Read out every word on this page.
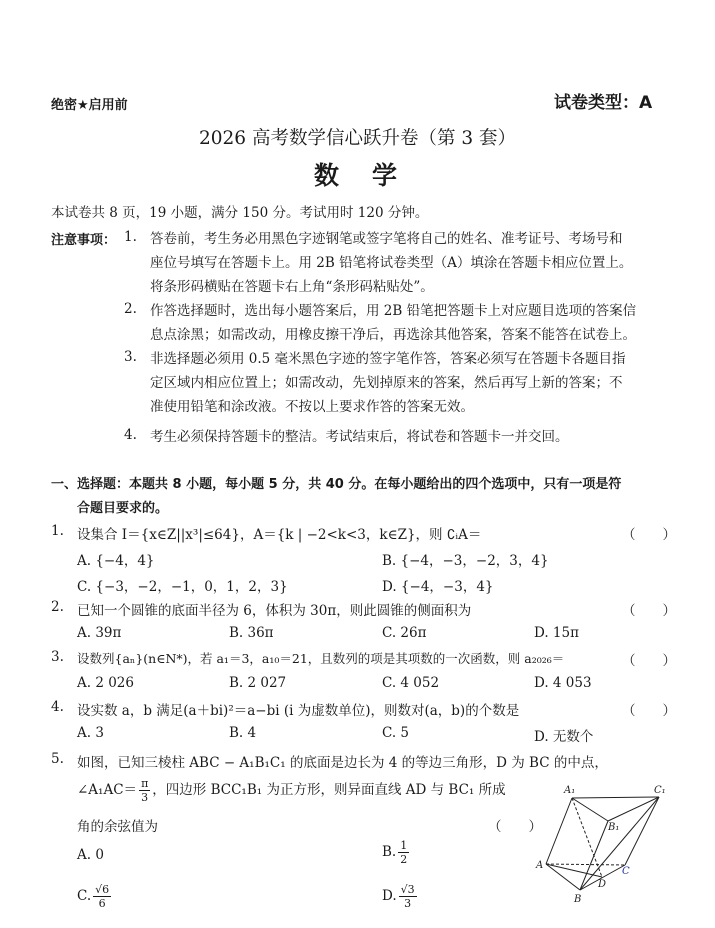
绝密★启用前	试卷类型：A
2026 高考数学信心跃升卷（第 3 套）
数　学
本试卷共 8 页，19 小题，满分 150 分。考试用时 120 分钟。
注意事项： 1. 答卷前，考生务必用黑色字迹钢笔或签字笔将自己的姓名、准考证号、考场号和
座位号填写在答题卡上。用 2B 铅笔将试卷类型（A）填涂在答题卡相应位置上。
将条形码横贴在答题卡右上角“条形码粘贴处”。
2. 作答选择题时，选出每小题答案后，用 2B 铅笔把答题卡上对应题目选项的答案信
息点涂黑；如需改动，用橡皮擦干净后，再选涂其他答案，答案不能答在试卷上。
3. 非选择题必须用 0.5 毫米黑色字迹的签字笔作答，答案必须写在答题卡各题目指
定区域内相应位置上；如需改动，先划掉原来的答案，然后再写上新的答案；不
准使用铅笔和涂改液。不按以上要求作答的答案无效。
4. 考生必须保持答题卡的整洁。考试结束后，将试卷和答题卡一并交回。
一、选择题：本题共 8 小题，每小题 5 分，共 40 分。在每小题给出的四个选项中，只有一项是符
合题目要求的。
1. 设集合 I＝{x∈Z||x³|≤64}，A＝{k | −2<k<3，k∈Z}，则 ∁ᵢA＝	（　　）
A. {−4，4}	B. {−4，−3，−2，3，4}
C. {−3，−2，−1，0，1，2，3}	D. {−4，−3，4}
2. 已知一个圆锥的底面半径为 6，体积为 30π，则此圆锥的侧面积为	（　　）
A. 39π	B. 36π	C. 26π	D. 15π
3. 设数列{aₙ}(n∈N*)，若 a₁＝3，a₁₀＝21，且数列的项是其项数的一次函数，则 a₂₀₂₆＝	（　　）
A. 2 026	B. 2 027	C. 4 052	D. 4 053
4. 设实数 a，b 满足(a＋bi)²＝a−bi (i 为虚数单位)，则数对(a，b)的个数是	（　　）
A. 3	B. 4	C. 5	D. 无数个
5. 如图，已知三棱柱 ABC − A₁B₁C₁ 的底面是边长为 4 的等边三角形，D 为 BC 的中点，
∠A₁AC＝ $\frac{\pi}{3}$ ，四边形 BCC₁B₁ 为正方形，则异面直线 AD 与 BC₁ 所成
角的余弦值为	（　　）
A. 0	B. $\frac{1}{2}$
C. $\frac{√6}{6}$	D. $\frac{√3}{3}$
A₁	C₁
B₁
A
C
D
B
